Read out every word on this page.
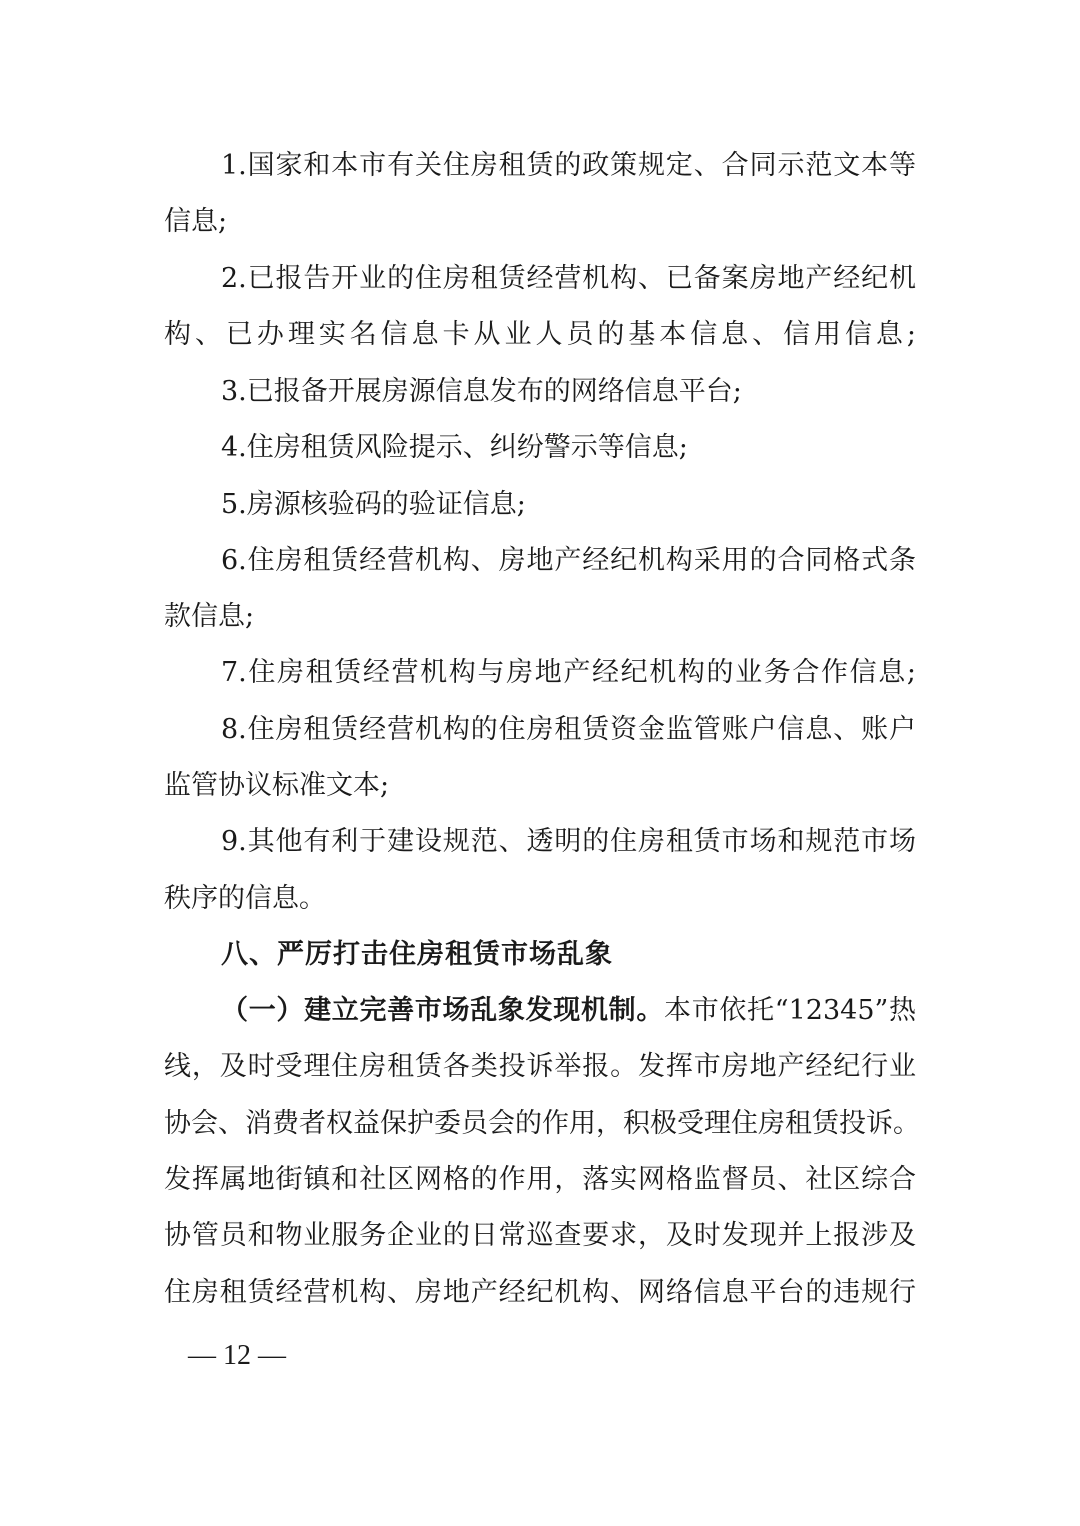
1.国家和本市有关住房租赁的政策规定、合同示范文本等
信息;
2.已报告开业的住房租赁经营机构、已备案房地产经纪机
构、已办理实名信息卡从业人员的基本信息、信用信息;
3.已报备开展房源信息发布的网络信息平台;
4.住房租赁风险提示、纠纷警示等信息;
5.房源核验码的验证信息;
6.住房租赁经营机构、房地产经纪机构采用的合同格式条
款信息;
7.住房租赁经营机构与房地产经纪机构的业务合作信息;
8.住房租赁经营机构的住房租赁资金监管账户信息、账户
监管协议标准文本;
9.其他有利于建设规范、透明的住房租赁市场和规范市场
秩序的信息。
八、严厉打击住房租赁市场乱象
（一）建立完善市场乱象发现机制。本市依托“12345”热
线，及时受理住房租赁各类投诉举报。发挥市房地产经纪行业
协会、消费者权益保护委员会的作用，积极受理住房租赁投诉。
发挥属地街镇和社区网格的作用，落实网格监督员、社区综合
协管员和物业服务企业的日常巡查要求，及时发现并上报涉及
住房租赁经营机构、房地产经纪机构、网络信息平台的违规行
— 12 —
